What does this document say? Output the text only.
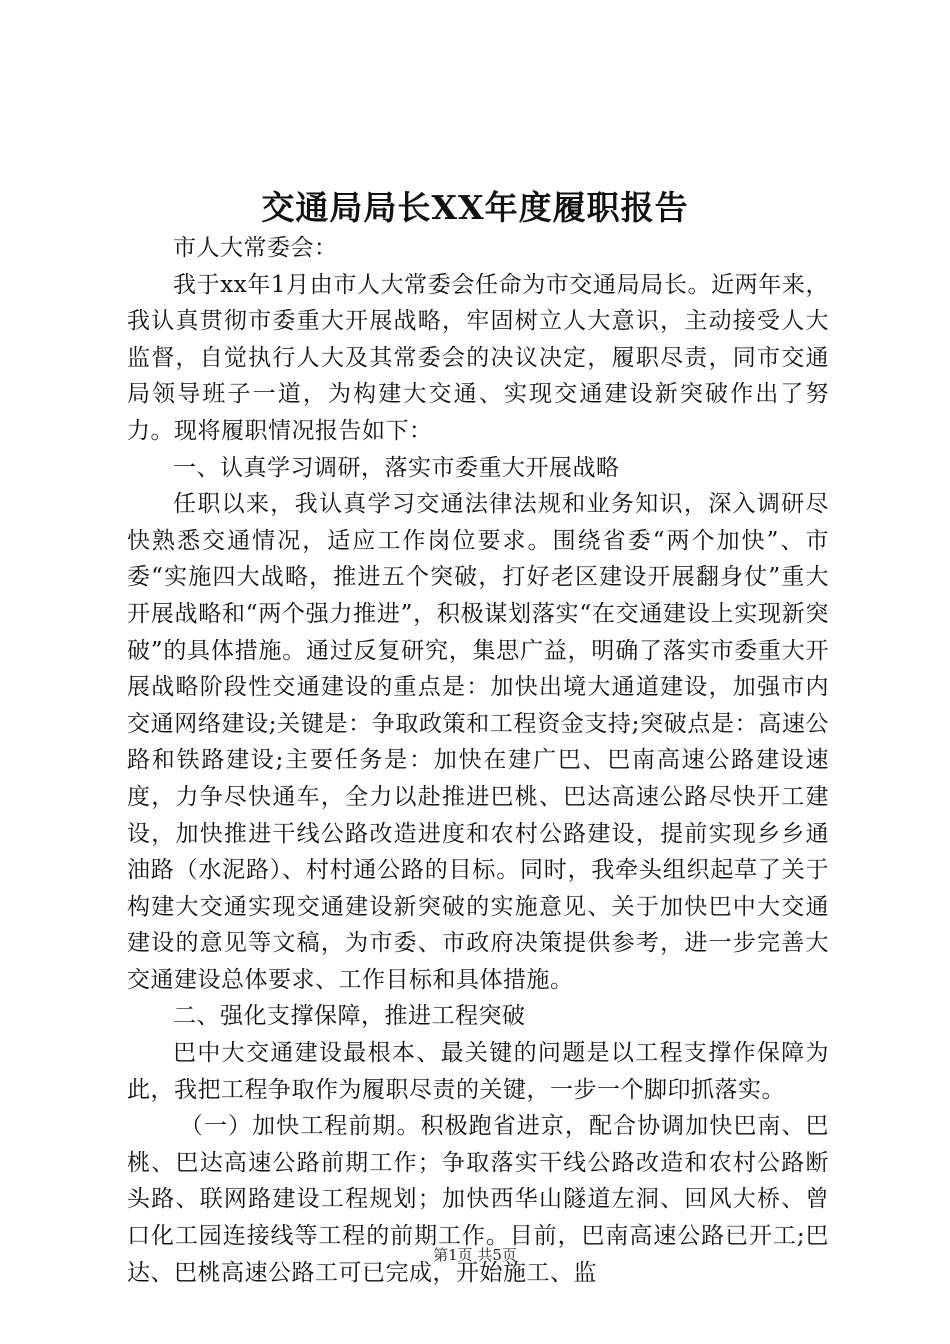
交通局局长XX年度履职报告

市人大常委会：

我于xx年1月由市人大常委会任命为市交通局局长。近两年来，我认真贯彻市委重大开展战略，牢固树立人大意识，主动接受人大监督，自觉执行人大及其常委会的决议决定，履职尽责，同市交通局领导班子一道，为构建大交通、实现交通建设新突破作出了努力。现将履职情况报告如下：

一、认真学习调研，落实市委重大开展战略

任职以来，我认真学习交通法律法规和业务知识，深入调研尽快熟悉交通情况，适应工作岗位要求。围绕省委“两个加快”、市委“实施四大战略，推进五个突破，打好老区建设开展翻身仗”重大开展战略和“两个强力推进”，积极谋划落实“在交通建设上实现新突破”的具体措施。通过反复研究，集思广益，明确了落实市委重大开展战略阶段性交通建设的重点是：加快出境大通道建设，加强市内交通网络建设;关键是：争取政策和工程资金支持;突破点是：高速公路和铁路建设;主要任务是：加快在建广巴、巴南高速公路建设速度，力争尽快通车，全力以赴推进巴桃、巴达高速公路尽快开工建设，加快推进干线公路改造进度和农村公路建设，提前实现乡乡通油路（水泥路）、村村通公路的目标。同时，我牵头组织起草了关于构建大交通实现交通建设新突破的实施意见、关于加快巴中大交通建设的意见等文稿，为市委、市政府决策提供参考，进一步完善大交通建设总体要求、工作目标和具体措施。

二、强化支撑保障，推进工程突破

巴中大交通建设最根本、最关键的问题是以工程支撑作保障为此，我把工程争取作为履职尽责的关键，一步一个脚印抓落实。

（一）加快工程前期。积极跑省进京，配合协调加快巴南、巴桃、巴达高速公路前期工作；争取落实干线公路改造和农村公路断头路、联网路建设工程规划；加快西华山隧道左洞、回风大桥、曾口化工园连接线等工程的前期工作。目前，巴南高速公路已开工;巴达、巴桃高速公路工可已完成，开始施工、监

第1页 共5页
